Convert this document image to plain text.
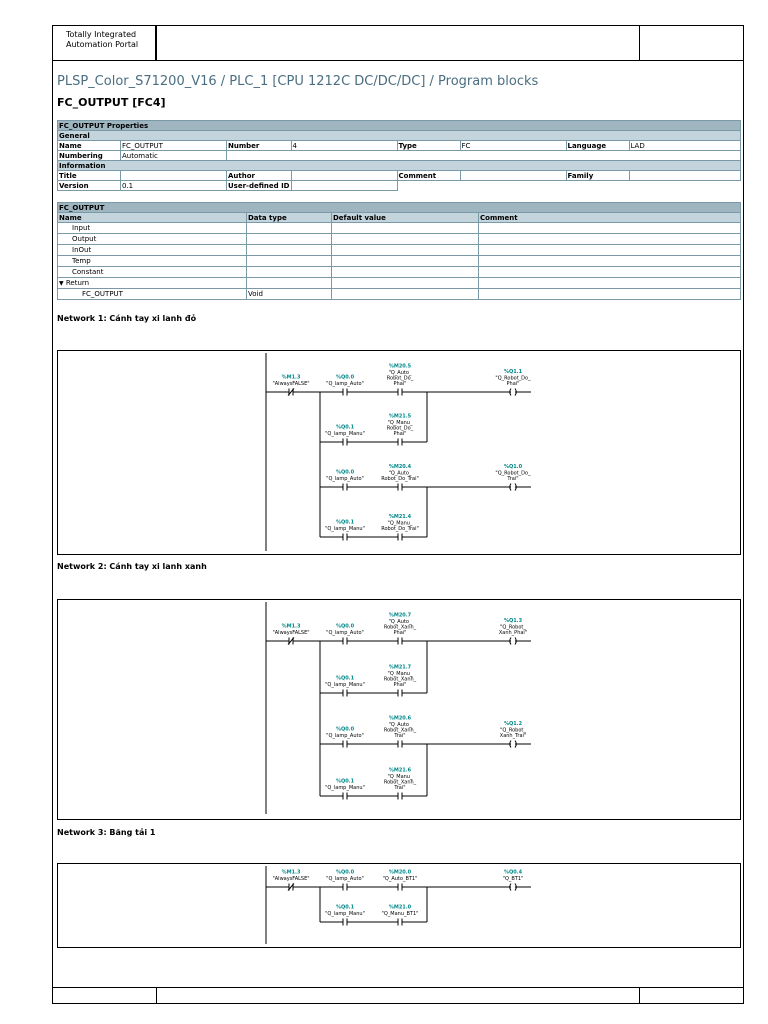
Totally Integrated
Automation Portal
PLSP_Color_S71200_V16 / PLC_1 [CPU 1212C DC/DC/DC] / Program blocks
FC_OUTPUT [FC4]
FC_OUTPUT Properties							
General							
Name	FC_OUTPUT	Number	4	Type	FC	Language	LAD
Numbering	Automatic						
Information							
Title		Author		Comment		Family	
Version	0.1	User-defined ID					
FC_OUTPUT			
Name	Data type	Default value	Comment
Input			
Output			
InOut			
Temp			
Constant			
▼ Return			
FC_OUTPUT	Void		
Network 1: Cánh tay xi lanh đỏ
%M1.3
"AlwaysFALSE"
%Q0.0
"Q_lamp_Auto"
%M20.5
"Q_Auto_
Robot_Do_
Phai"
%Q1.1
"Q_Robot_Do_
Phai"
%Q0.1
"Q_lamp_Manu"
%M21.5
"Q_Manu_
Robot_Do_
Phai"
%Q0.0
"Q_lamp_Auto"
%M20.4
"Q_Auto_
Robot_Do_Trai"
%Q1.0
"Q_Robot_Do_
Trai"
%Q0.1
"Q_lamp_Manu"
%M21.4
"Q_Manu_
Robot_Do_Trai"
Network 2: Cánh tay xi lanh xanh
%M1.3
"AlwaysFALSE"
%Q0.0
"Q_lamp_Auto"
%M20.7
"Q_Auto_
Robot_Xanh_
Phai"
%Q1.3
"Q_Robot_
Xanh_Phai"
%Q0.1
"Q_lamp_Manu"
%M21.7
"Q_Manu_
Robot_Xanh_
Phai"
%Q0.0
"Q_lamp_Auto"
%M20.6
"Q_Auto_
Robot_Xanh_
Trai"
%Q1.2
"Q_Robot_
Xanh_Trai"
%Q0.1
"Q_lamp_Manu"
%M21.6
"Q_Manu_
Robot_Xanh_
Trai"
Network 3: Băng tải 1
%M1.3
"AlwaysFALSE"
%Q0.0
"Q_lamp_Auto"
%M20.0
"Q_Auto_BT1"
%Q0.4
"Q_BT1"
%Q0.1
"Q_lamp_Manu"
%M21.0
"Q_Manu_BT1"
